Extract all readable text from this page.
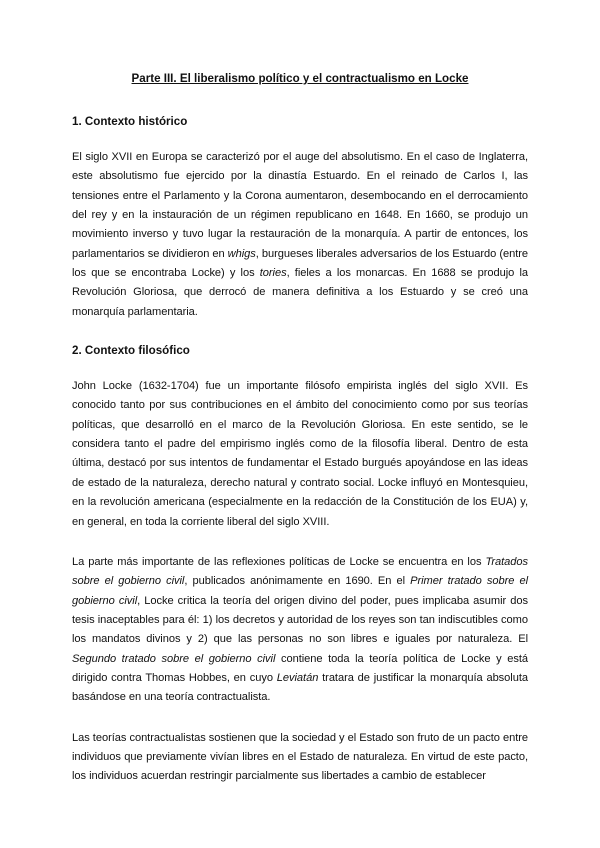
Parte III. El liberalismo político y el contractualismo en Locke
1. Contexto histórico

El siglo XVII en Europa se caracterizó por el auge del absolutismo. En el caso de Inglaterra, este absolutismo fue ejercido por la dinastía Estuardo. En el reinado de Carlos I, las tensiones entre el Parlamento y la Corona aumentaron, desembocando en el derrocamiento del rey y en la instauración de un régimen republicano en 1648. En 1660, se produjo un movimiento inverso y tuvo lugar la restauración de la monarquía. A partir de entonces, los parlamentarios se dividieron en whigs, burgueses liberales adversarios de los Estuardo (entre los que se encontraba Locke) y los tories, fieles a los monarcas. En 1688 se produjo la Revolución Gloriosa, que derrocó de manera definitiva a los Estuardo y se creó una monarquía parlamentaria.

2. Contexto filosófico

John Locke (1632-1704) fue un importante filósofo empirista inglés del siglo XVII. Es conocido tanto por sus contribuciones en el ámbito del conocimiento como por sus teorías políticas, que desarrolló en el marco de la Revolución Gloriosa. En este sentido, se le considera tanto el padre del empirismo inglés como de la filosofía liberal. Dentro de esta última, destacó por sus intentos de fundamentar el Estado burgués apoyándose en las ideas de estado de la naturaleza, derecho natural y contrato social. Locke influyó en Montesquieu, en la revolución americana (especialmente en la redacción de la Constitución de los EUA) y, en general, en toda la corriente liberal del siglo XVIII.

La parte más importante de las reflexiones políticas de Locke se encuentra en los Tratados sobre el gobierno civil, publicados anónimamente en 1690. En el Primer tratado sobre el gobierno civil, Locke critica la teoría del origen divino del poder, pues implicaba asumir dos tesis inaceptables para él: 1) los decretos y autoridad de los reyes son tan indiscutibles como los mandatos divinos y 2) que las personas no son libres e iguales por naturaleza. El Segundo tratado sobre el gobierno civil contiene toda la teoría política de Locke y está dirigido contra Thomas Hobbes, en cuyo Leviatán tratara de justificar la monarquía absoluta basándose en una teoría contractualista.

Las teorías contractualistas sostienen que la sociedad y el Estado son fruto de un pacto entre individuos que previamente vivían libres en el Estado de naturaleza. En virtud de este pacto, los individuos acuerdan restringir parcialmente sus libertades a cambio de establecer
